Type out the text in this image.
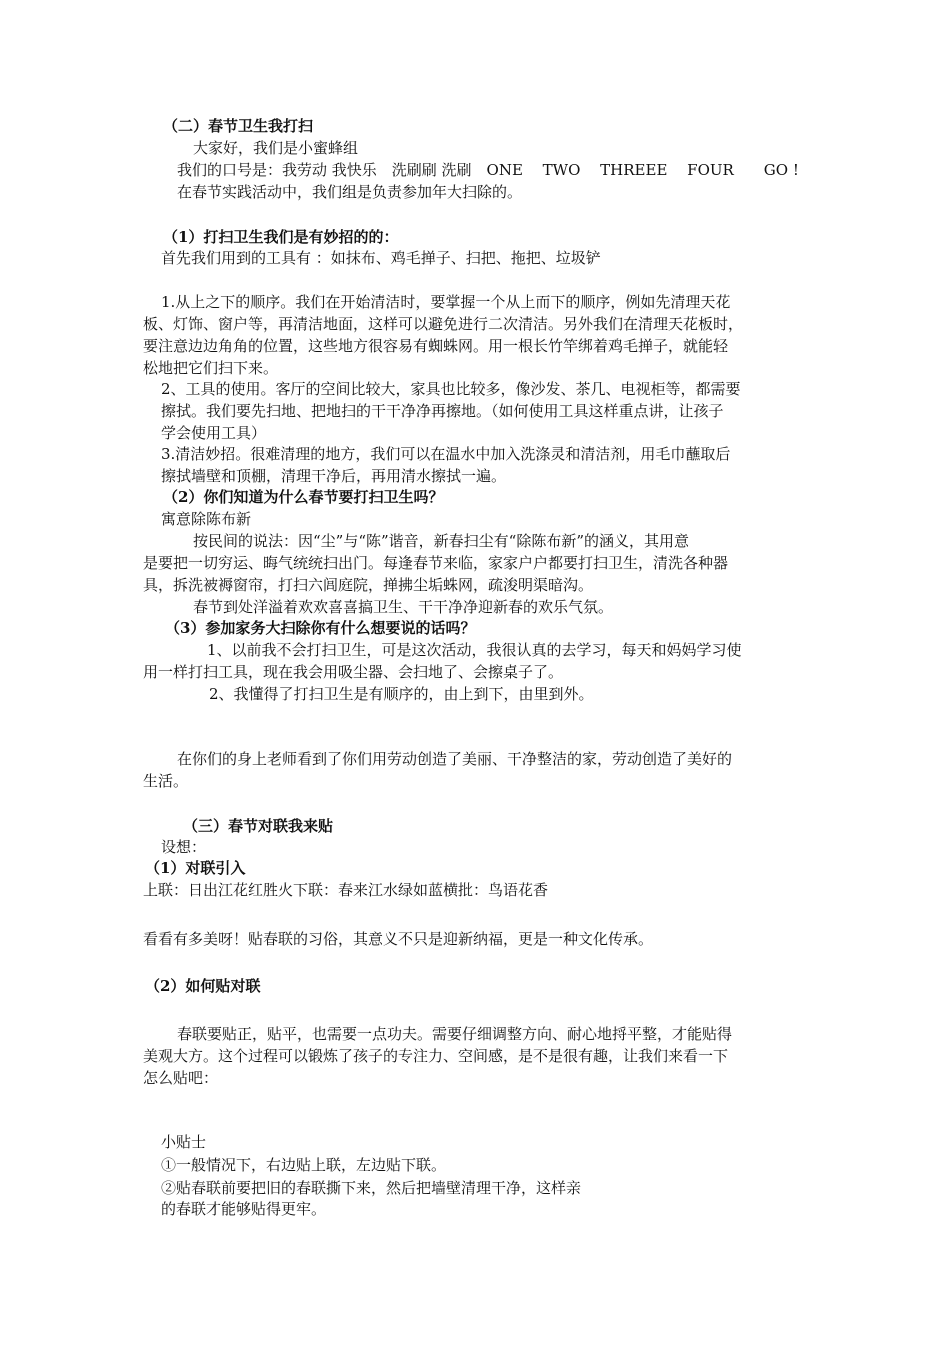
（二）春节卫生我打扫
大家好，我们是小蜜蜂组
我们的口号是：我劳动 我快乐　洗刷刷 洗刷　ONE　 TWO　 THREEE　 FOUR　　GO !
在春节实践活动中，我们组是负责参加年大扫除的。
（1）打扫卫生我们是有妙招的的：
首先我们用到的工具有 ：如抹布、鸡毛掸子、扫把、拖把、垃圾铲
1.从上之下的顺序。我们在开始清洁时，要掌握一个从上而下的顺序，例如先清理天花
板、灯饰、窗户等，再清洁地面，这样可以避免进行二次清洁。另外我们在清理天花板时，
要注意边边角角的位置，这些地方很容易有蜘蛛网。用一根长竹竿绑着鸡毛掸子，就能轻
松地把它们扫下来。
2、工具的使用。客厅的空间比较大，家具也比较多，像沙发、茶几、电视柜等，都需要
擦拭。我们要先扫地、把地扫的干干净净再擦地。（如何使用工具这样重点讲，让孩子
学会使用工具）
3.清洁妙招。很难清理的地方，我们可以在温水中加入洗涤灵和清洁剂，用毛巾蘸取后
擦拭墙壁和顶棚，清理干净后，再用清水擦拭一遍。
（2）你们知道为什么春节要打扫卫生吗？
寓意除陈布新
按民间的说法：因“尘”与“陈”谐音，新春扫尘有“除陈布新”的涵义，其用意
是要把一切穷运、晦气统统扫出门。每逢春节来临，家家户户都要打扫卫生，清洗各种器
具，拆洗被褥窗帘，打扫六闾庭院，掸拂尘垢蛛网，疏浚明渠暗沟。
春节到处洋溢着欢欢喜喜搞卫生、干干净净迎新春的欢乐气氛。
（3）参加家务大扫除你有什么想要说的话吗？
1、以前我不会打扫卫生，可是这次活动，我很认真的去学习，每天和妈妈学习使
用一样打扫工具，现在我会用吸尘器、会扫地了、会擦桌子了。
2、我懂得了打扫卫生是有顺序的，由上到下，由里到外。
在你们的身上老师看到了你们用劳动创造了美丽、干净整洁的家，劳动创造了美好的
生活。
（三）春节对联我来贴
设想：
（1）对联引入
上联：日出江花红胜火下联：春来江水绿如蓝横批：鸟语花香
看看有多美呀！贴春联的习俗，其意义不只是迎新纳福，更是一种文化传承。
（2）如何贴对联
春联要贴正，贴平，也需要一点功夫。需要仔细调整方向、耐心地捋平整，才能贴得
美观大方。这个过程可以锻炼了孩子的专注力、空间感，是不是很有趣，让我们来看一下
怎么贴吧：
小贴士
①一般情况下，右边贴上联，左边贴下联。
②贴春联前要把旧的春联撕下来，然后把墙壁清理干净，这样亲
的春联才能够贴得更牢。
